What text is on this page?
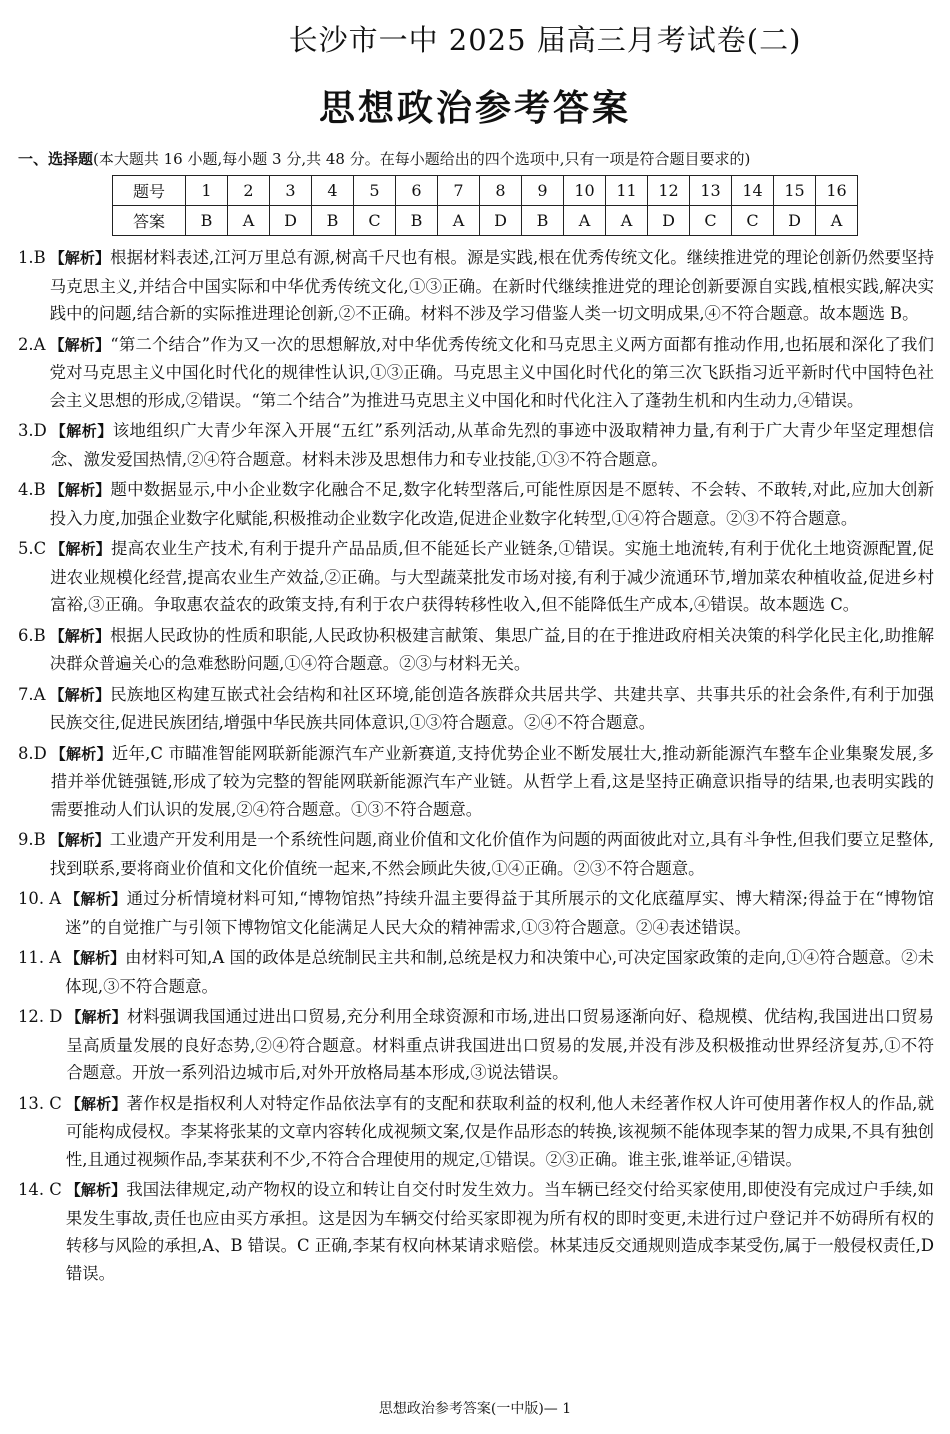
长沙市一中 2025 届高三月考试卷(二)
思想政治参考答案
一、选择题(本大题共 16 小题,每小题 3 分,共 48 分。在每小题给出的四个选项中,只有一项是符合题目要求的)
题号	1	2	3	4	5	6	7	8	9	10	11	12	13	14	15	16
答案	B	A	D	B	C	B	A	D	B	A	A	D	C	C	D	A
1.B 【解析】根据材料表述,江河万里总有源,树高千尺也有根。源是实践,根在优秀传统文化。继续推进党的理论创新仍然要坚持马克思主义,并结合中国实际和中华优秀传统文化,①③正确。在新时代继续推进党的理论创新要源自实践,植根实践,解决实践中的问题,结合新的实际推进理论创新,②不正确。材料不涉及学习借鉴人类一切文明成果,④不符合题意。故本题选 B。
2.A 【解析】“第二个结合”作为又一次的思想解放,对中华优秀传统文化和马克思主义两方面都有推动作用,也拓展和深化了我们党对马克思主义中国化时代化的规律性认识,①③正确。马克思主义中国化时代化的第三次飞跃指习近平新时代中国特色社会主义思想的形成,②错误。“第二个结合”为推进马克思主义中国化和时代化注入了蓬勃生机和内生动力,④错误。
3.D 【解析】该地组织广大青少年深入开展“五红”系列活动,从革命先烈的事迹中汲取精神力量,有利于广大青少年坚定理想信念、激发爱国热情,②④符合题意。材料未涉及思想伟力和专业技能,①③不符合题意。
4.B 【解析】题中数据显示,中小企业数字化融合不足,数字化转型落后,可能性原因是不愿转、不会转、不敢转,对此,应加大创新投入力度,加强企业数字化赋能,积极推动企业数字化改造,促进企业数字化转型,①④符合题意。②③不符合题意。
5.C 【解析】提高农业生产技术,有利于提升产品品质,但不能延长产业链条,①错误。实施土地流转,有利于优化土地资源配置,促进农业规模化经营,提高农业生产效益,②正确。与大型蔬菜批发市场对接,有利于减少流通环节,增加菜农种植收益,促进乡村富裕,③正确。争取惠农益农的政策支持,有利于农户获得转移性收入,但不能降低生产成本,④错误。故本题选 C。
6.B 【解析】根据人民政协的性质和职能,人民政协积极建言献策、集思广益,目的在于推进政府相关决策的科学化民主化,助推解决群众普遍关心的急难愁盼问题,①④符合题意。②③与材料无关。
7.A 【解析】民族地区构建互嵌式社会结构和社区环境,能创造各族群众共居共学、共建共享、共事共乐的社会条件,有利于加强民族交往,促进民族团结,增强中华民族共同体意识,①③符合题意。②④不符合题意。
8.D 【解析】近年,C 市瞄准智能网联新能源汽车产业新赛道,支持优势企业不断发展壮大,推动新能源汽车整车企业集聚发展,多措并举优链强链,形成了较为完整的智能网联新能源汽车产业链。从哲学上看,这是坚持正确意识指导的结果,也表明实践的需要推动人们认识的发展,②④符合题意。①③不符合题意。
9.B 【解析】工业遗产开发利用是一个系统性问题,商业价值和文化价值作为问题的两面彼此对立,具有斗争性,但我们要立足整体,找到联系,要将商业价值和文化价值统一起来,不然会顾此失彼,①④正确。②③不符合题意。
10. A 【解析】通过分析情境材料可知,“博物馆热”持续升温主要得益于其所展示的文化底蕴厚实、博大精深;得益于在“博物馆迷”的自觉推广与引领下博物馆文化能满足人民大众的精神需求,①③符合题意。②④表述错误。
11. A 【解析】由材料可知,A 国的政体是总统制民主共和制,总统是权力和决策中心,可决定国家政策的走向,①④符合题意。②未体现,③不符合题意。
12. D 【解析】材料强调我国通过进出口贸易,充分利用全球资源和市场,进出口贸易逐渐向好、稳规模、优结构,我国进出口贸易呈高质量发展的良好态势,②④符合题意。材料重点讲我国进出口贸易的发展,并没有涉及积极推动世界经济复苏,①不符合题意。开放一系列沿边城市后,对外开放格局基本形成,③说法错误。
13. C 【解析】著作权是指权利人对特定作品依法享有的支配和获取利益的权利,他人未经著作权人许可使用著作权人的作品,就可能构成侵权。李某将张某的文章内容转化成视频文案,仅是作品形态的转换,该视频不能体现李某的智力成果,不具有独创性,且通过视频作品,李某获利不少,不符合合理使用的规定,①错误。②③正确。谁主张,谁举证,④错误。
14. C 【解析】我国法律规定,动产物权的设立和转让自交付时发生效力。当车辆已经交付给买家使用,即使没有完成过户手续,如果发生事故,责任也应由买方承担。这是因为车辆交付给买家即视为所有权的即时变更,未进行过户登记并不妨碍所有权的转移与风险的承担,A、B 错误。C 正确,李某有权向林某请求赔偿。林某违反交通规则造成李某受伤,属于一般侵权责任,D 错误。
思想政治参考答案(一中版)— 1
